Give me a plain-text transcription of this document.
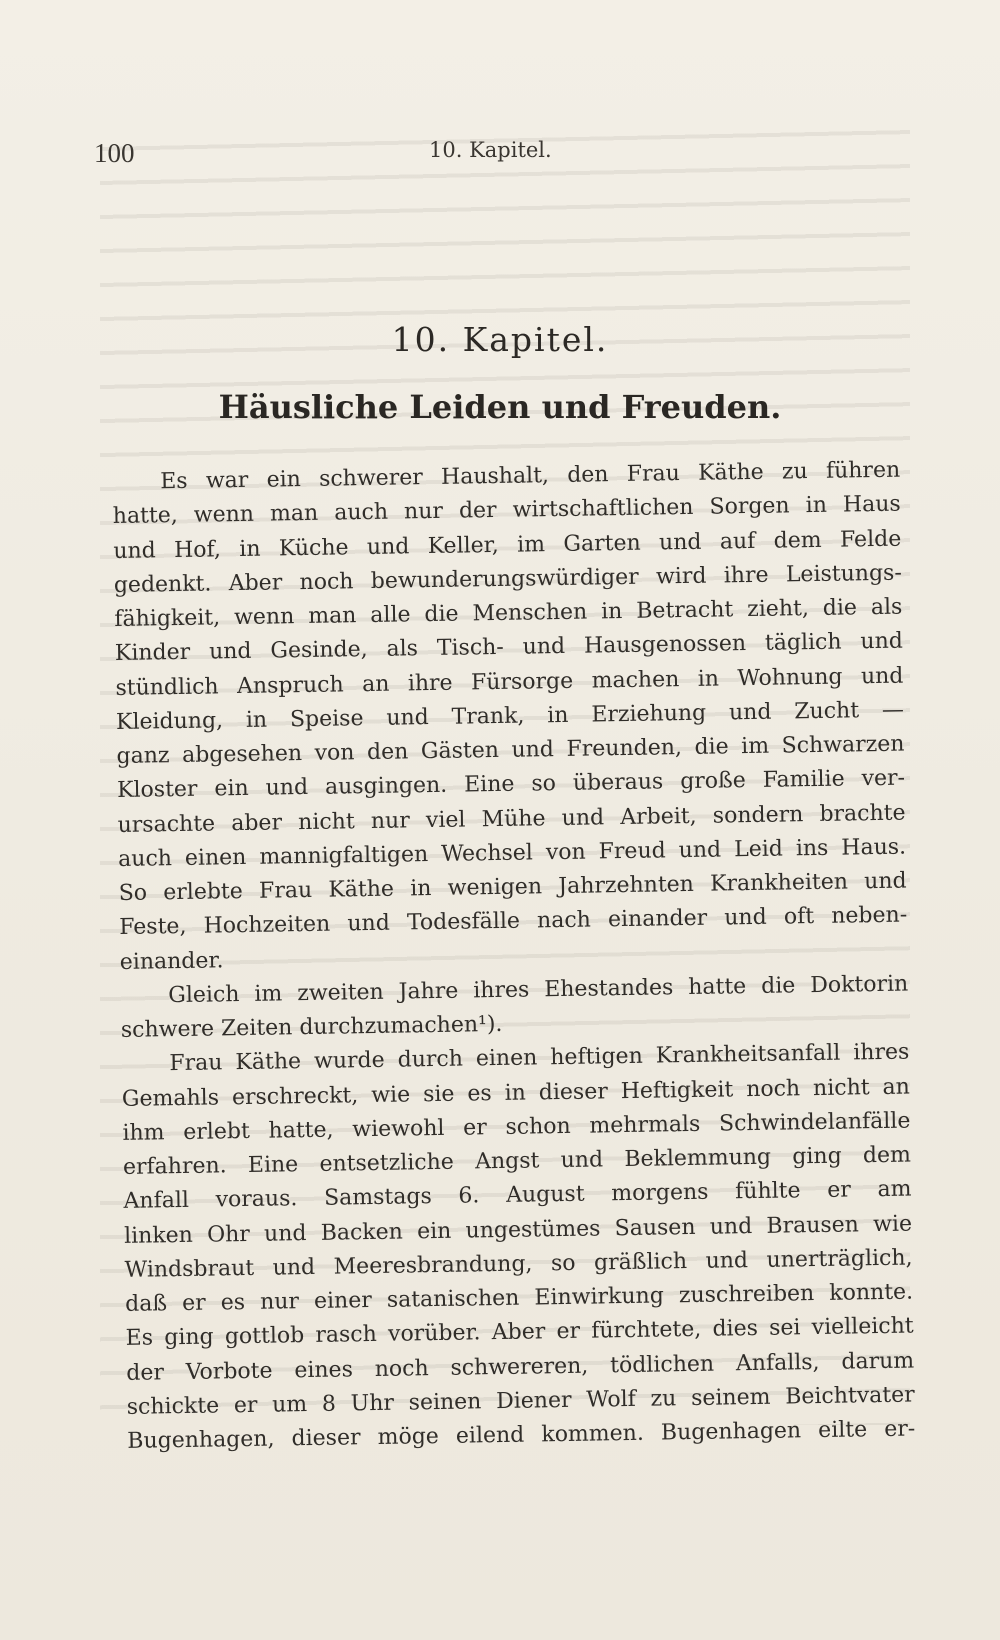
100	10. Kapitel.
10. Kapitel.
Häusliche Leiden und Freuden.
Es war ein schwerer Haushalt, den Frau Käthe zu führen
hatte, wenn man auch nur der wirtschaftlichen Sorgen in Haus
und Hof, in Küche und Keller, im Garten und auf dem Felde
gedenkt. Aber noch bewunderungswürdiger wird ihre Leistungs-
fähigkeit, wenn man alle die Menschen in Betracht zieht, die als
Kinder und Gesinde, als Tisch- und Hausgenossen täglich und
stündlich Anspruch an ihre Fürsorge machen in Wohnung und
Kleidung, in Speise und Trank, in Erziehung und Zucht —
ganz abgesehen von den Gästen und Freunden, die im Schwarzen
Kloster ein und ausgingen. Eine so überaus große Familie ver-
ursachte aber nicht nur viel Mühe und Arbeit, sondern brachte
auch einen mannigfaltigen Wechsel von Freud und Leid ins Haus.
So erlebte Frau Käthe in wenigen Jahrzehnten Krankheiten und
Feste, Hochzeiten und Todesfälle nach einander und oft neben-
einander.
Gleich im zweiten Jahre ihres Ehestandes hatte die Doktorin
schwere Zeiten durchzumachen¹).
Frau Käthe wurde durch einen heftigen Krankheitsanfall ihres
Gemahls erschreckt, wie sie es in dieser Heftigkeit noch nicht an
ihm erlebt hatte, wiewohl er schon mehrmals Schwindelanfälle
erfahren. Eine entsetzliche Angst und Beklemmung ging dem
Anfall voraus. Samstags 6. August morgens fühlte er am
linken Ohr und Backen ein ungestümes Sausen und Brausen wie
Windsbraut und Meeresbrandung, so gräßlich und unerträglich,
daß er es nur einer satanischen Einwirkung zuschreiben konnte.
Es ging gottlob rasch vorüber. Aber er fürchtete, dies sei vielleicht
der Vorbote eines noch schwereren, tödlichen Anfalls, darum
schickte er um 8 Uhr seinen Diener Wolf zu seinem Beichtvater
Bugenhagen, dieser möge eilend kommen. Bugenhagen eilte er-
